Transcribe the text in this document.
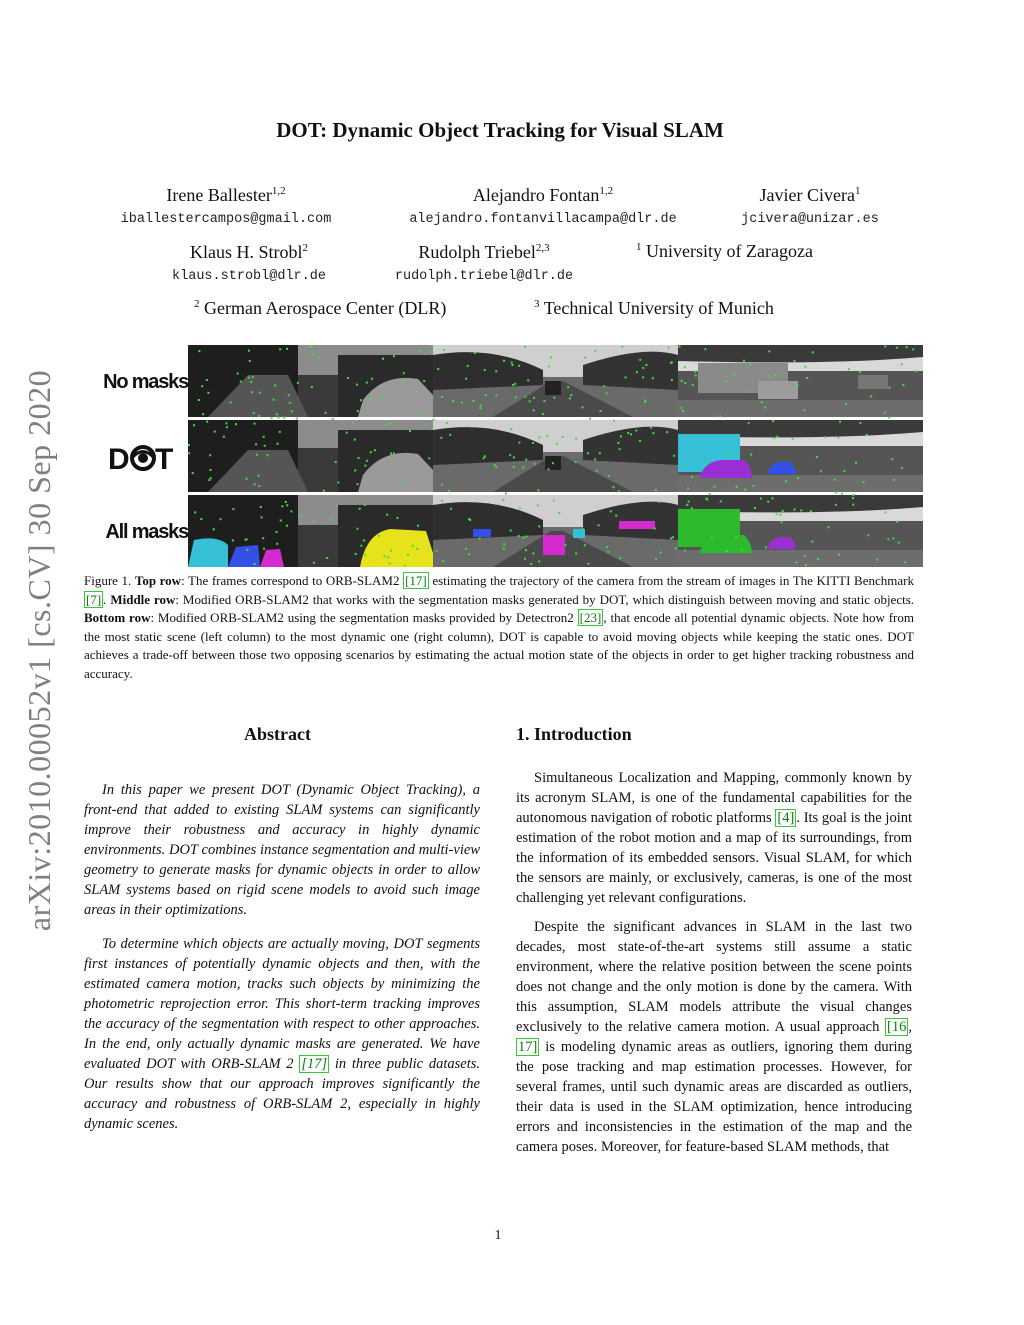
arXiv:2010.00052v1 [cs.CV] 30 Sep 2020
DOT: Dynamic Object Tracking for Visual SLAM
Irene Ballester$^{1,2}$
iballestercampos@gmail.com
Alejandro Fontan$^{1,2}$
alejandro.fontanvillacampa@dlr.de
Javier Civera$^1$
jcivera@unizar.es
Klaus H. Strobl$^2$
klaus.strobl@dlr.de
Rudolph Triebel$^{2,3}$
rudolph.triebel@dlr.de
$^1$ University of Zaragoza
$^2$ German Aerospace Center (DLR)	$^3$ Technical University of Munich
No masks
D T
All masks
Figure 1. Top row: The frames correspond to ORB-SLAM2 [17] estimating the trajectory of the camera from the stream of images in The KITTI Benchmark [7] . Middle row: Modified ORB-SLAM2 that works with the segmentation masks generated by DOT, which distinguish between moving and static objects. Bottom row: Modified ORB-SLAM2 using the segmentation masks provided by Detectron2 [23] , that encode all potential dynamic objects. Note how from the most static scene (left column) to the most dynamic one (right column), DOT is capable to avoid moving objects while keeping the static ones. DOT achieves a trade-off between those two opposing scenarios by estimating the actual motion state of the objects in order to get higher tracking robustness and accuracy.
Abstract

In this paper we present DOT (Dynamic Object Tracking), a front-end that added to existing SLAM systems can significantly improve their robustness and accuracy in highly dynamic environments. DOT combines instance segmentation and multi-view geometry to generate masks for dynamic objects in order to allow SLAM systems based on rigid scene models to avoid such image areas in their optimizations.

To determine which objects are actually moving, DOT segments first instances of potentially dynamic objects and then, with the estimated camera motion, tracks such objects by minimizing the photometric reprojection error. This short-term tracking improves the accuracy of the segmentation with respect to other approaches. In the end, only actually dynamic masks are generated. We have evaluated DOT with ORB-SLAM 2 [17] in three public datasets. Our results show that our approach improves significantly the accuracy and robustness of ORB-SLAM 2, especially in highly dynamic scenes.

1. Introduction

Simultaneous Localization and Mapping, commonly known by its acronym SLAM, is one of the fundamental capabilities for the autonomous navigation of robotic platforms [4] . Its goal is the joint estimation of the robot motion and a map of its surroundings, from the information of its embedded sensors. Visual SLAM, for which the sensors are mainly, or exclusively, cameras, is one of the most challenging yet relevant configurations.

Despite the significant advances in SLAM in the last two decades, most state-of-the-art systems still assume a static environment, where the relative position between the scene points does not change and the only motion is done by the camera. With this assumption, SLAM models attribute the visual changes exclusively to the relative camera motion. A usual approach [16 , 17] is modeling dynamic areas as outliers, ignoring them during the pose tracking and map estimation processes. However, for several frames, until such dynamic areas are discarded as outliers, their data is used in the SLAM optimization, hence introducing errors and inconsistencies in the estimation of the map and the camera poses. Moreover, for feature-based SLAM methods, that

1
